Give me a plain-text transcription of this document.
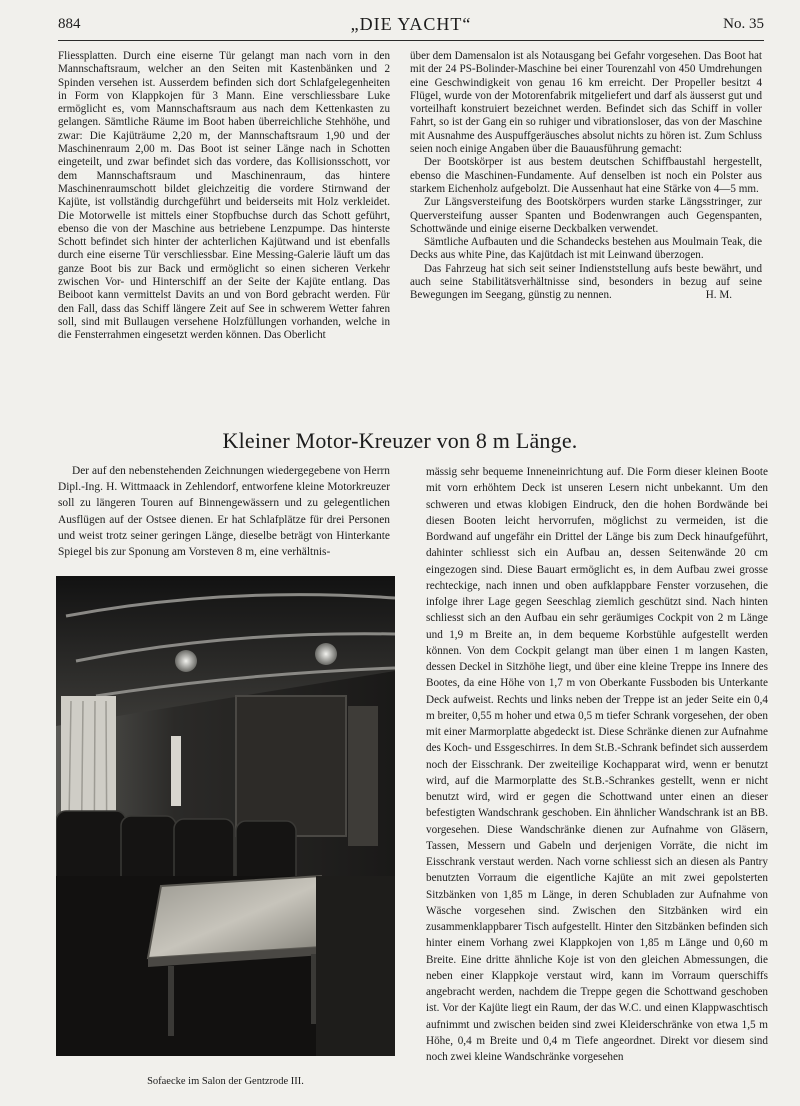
884	„DIE YACHT“	No. 35

Fliessplatten. Durch eine eiserne Tür gelangt man nach vorn in den Mannschaftsraum, welcher an den Seiten mit Kastenbänken und 2 Spinden versehen ist. Ausserdem befinden sich dort Schlafgelegenheiten in Form von Klappkojen für 3 Mann. Eine verschliessbare Luke ermöglicht es, vom Mannschaftsraum aus nach dem Kettenkasten zu gelangen. Sämtliche Räume im Boot haben überreichliche Stehhöhe, und zwar: Die Kajüträume 2,20 m, der Mannschaftsraum 1,90 und der Maschinenraum 2,00 m. Das Boot ist seiner Länge nach in Schotten eingeteilt, und zwar befindet sich das vordere, das Kollisionsschott, vor dem Mannschaftsraum und Maschinenraum, das hintere Maschinenraumschott bildet gleichzeitig die vordere Stirnwand der Kajüte, ist vollständig durchgeführt und beiderseits mit Holz verkleidet. Die Motorwelle ist mittels einer Stopfbuchse durch das Schott geführt, ebenso die von der Maschine aus betriebene Lenzpumpe. Das hinterste Schott befindet sich hinter der achterlichen Kajütwand und ist ebenfalls durch eine eiserne Tür verschliessbar. Eine Messing-Galerie läuft um das ganze Boot bis zur Back und ermöglicht so einen sicheren Verkehr zwischen Vor- und Hinterschiff an der Seite der Kajüte entlang. Das Beiboot kann vermittelst Davits an und von Bord gebracht werden. Für den Fall, dass das Schiff längere Zeit auf See in schwerem Wetter fahren soll, sind mit Bullaugen versehene Holzfüllungen vorhanden, welche in die Fensterrahmen eingesetzt werden können. Das Oberlicht

über dem Damensalon ist als Notausgang bei Gefahr vorgesehen. Das Boot hat mit der 24 PS-Bolinder-Maschine bei einer Tourenzahl von 450 Umdrehungen eine Geschwindigkeit von genau 16 km erreicht. Der Propeller besitzt 4 Flügel, wurde von der Motorenfabrik mitgeliefert und darf als äusserst gut und vorteilhaft konstruiert bezeichnet werden. Befindet sich das Schiff in voller Fahrt, so ist der Gang ein so ruhiger und vibrationsloser, das von der Maschine mit Ausnahme des Auspuffgeräusches absolut nichts zu hören ist. Zum Schluss seien noch einige Angaben über die Bauausführung gemacht:

Der Bootskörper ist aus bestem deutschen Schiffbaustahl hergestellt, ebenso die Maschinen-Fundamente. Auf denselben ist noch ein Polster aus starkem Eichenholz aufgebolzt. Die Aussenhaut hat eine Stärke von 4—5 mm.

Zur Längsversteifung des Bootskörpers wurden starke Längsstringer, zur Querversteifung ausser Spanten und Bodenwrangen auch Gegenspanten, Schottwände und einige eiserne Deckbalken verwendet.

Sämtliche Aufbauten und die Schandecks bestehen aus Moulmain Teak, die Decks aus white Pine, das Kajütdach ist mit Leinwand überzogen.

Das Fahrzeug hat sich seit seiner Indienststellung aufs beste bewährt, und auch seine Stabilitätsverhältnisse sind, besonders in bezug auf seine Bewegungen im Seegang, günstig zu nennen.	H. M.

Kleiner Motor-Kreuzer von 8 m Länge.

Der auf den nebenstehenden Zeichnungen wiedergegebene von Herrn Dipl.-Ing. H. Wittmaack in Zehlendorf, entworfene kleine Motorkreuzer soll zu längeren Touren auf Binnengewässern und zu gelegentlichen Ausflügen auf der Ostsee dienen. Er hat Schlafplätze für drei Personen und weist trotz seiner geringen Länge, dieselbe beträgt von Hinterkante Spiegel bis zur Sponung am Vorsteven 8 m, eine verhältnis-

mässig sehr bequeme Inneneinrichtung auf. Die Form dieser kleinen Boote mit vorn erhöhtem Deck ist unseren Lesern nicht unbekannt. Um den schweren und etwas klobigen Eindruck, den die hohen Bordwände bei diesen Booten leicht hervorrufen, möglichst zu vermeiden, ist die Bordwand auf ungefähr ein Drittel der Länge bis zum Deck hinaufgeführt, dahinter schliesst sich ein Aufbau an, dessen Seitenwände 20 cm eingezogen sind. Diese Bauart ermöglicht es, in dem Aufbau zwei grosse rechteckige, nach innen und oben aufklappbare Fenster vorzusehen, die infolge ihrer Lage gegen Seeschlag ziemlich geschützt sind. Nach hinten schliesst sich an den Aufbau ein sehr geräumiges Cockpit von 2 m Länge und 1,9 m Breite an, in dem bequeme Korbstühle aufgestellt werden können. Von dem Cockpit gelangt man über einen 1 m langen Kasten, dessen Deckel in Sitzhöhe liegt, und über eine kleine Treppe ins Innere des Bootes, da eine Höhe von 1,7 m von Oberkante Fussboden bis Unterkante Deck aufweist. Rechts und links neben der Treppe ist an jeder Seite ein 0,4 m breiter, 0,55 m hoher und etwa 0,5 m tiefer Schrank vorgesehen, der oben mit einer Marmorplatte abgedeckt ist. Diese Schränke dienen zur Aufnahme des Koch- und Essgeschirres. In dem St.B.-Schrank befindet sich ausserdem noch der Eisschrank. Der zweiteilige Kochapparat wird, wenn er benutzt wird, auf die Marmorplatte des St.B.-Schrankes gestellt, wenn er nicht benutzt wird, wird er gegen die Schottwand unter einen an dieser befestigten Wandschrank geschoben. Ein ähnlicher Wandschrank ist an BB. vorgesehen. Diese Wandschränke dienen zur Aufnahme von Gläsern, Tassen, Messern und Gabeln und derjenigen Vorräte, die nicht im Eisschrank verstaut werden. Nach vorne schliesst sich an diesen als Pantry benutzten Vorraum die eigentliche Kajüte an mit zwei gepolsterten Sitzbänken von 1,85 m Länge, in deren Schubladen zur Aufnahme von Wäsche vorgesehen sind. Zwischen den Sitzbänken wird ein zusammenklappbarer Tisch aufgestellt. Hinter den Sitzbänken befinden sich hinter einem Vorhang zwei Klappkojen von 1,85 m Länge und 0,60 m Breite. Eine dritte ähnliche Koje ist von den gleichen Abmessungen, die neben einer Klappkoje verstaut wird, kann im Vorraum querschiffs angebracht werden, nachdem die Treppe gegen die Schottwand geschoben ist. Vor der Kajüte liegt ein Raum, der das W.C. und einen Klappwaschtisch aufnimmt und zwischen beiden sind zwei Kleiderschränke von etwa 1,5 m Höhe, 0,4 m Breite und 0,4 m Tiefe angeordnet. Direkt vor diesem sind noch zwei kleine Wandschränke vorgesehen

Sofaecke im Salon der Gentzrode III.
